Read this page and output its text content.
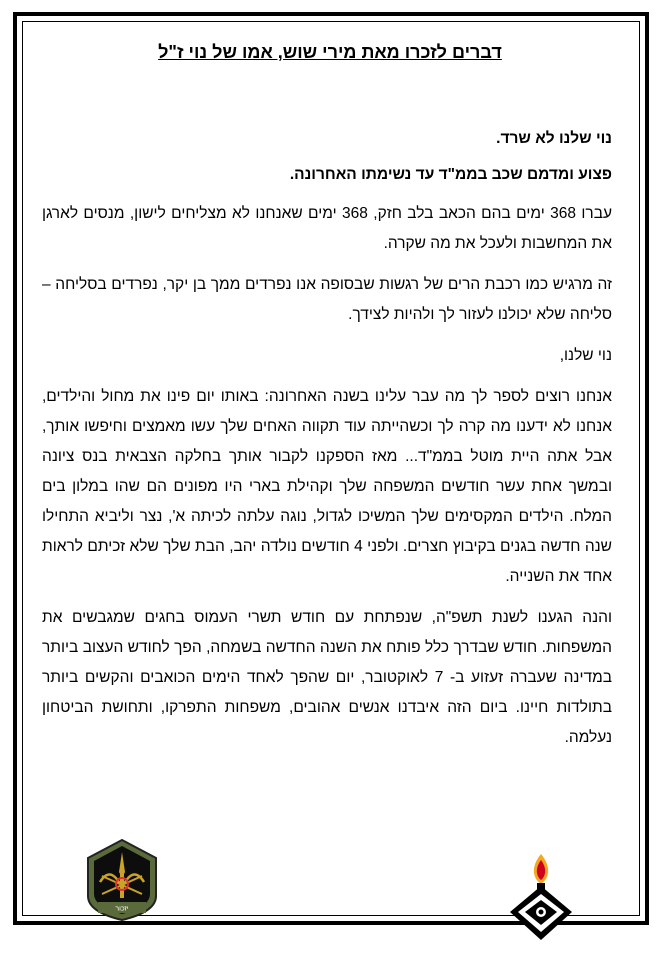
דברים לזכרו מאת מירי שוש, אמו של נוי ז"ל

נוי שלנו לא שרד.

פצוע ומדמם שכב בממ"ד עד נשימתו האחרונה.

עברו 368 ימים בהם הכאב בלב חזק, 368 ימים שאנחנו לא מצליחים לישון, מנסים לארגן את המחשבות ולעכל את מה שקרה.

זה מרגיש כמו רכבת הרים של רגשות שבסופה אנו נפרדים ממך בן יקר, נפרדים בסליחה – סליחה שלא יכולנו לעזור לך ולהיות לצידך.

נוי שלנו,

אנחנו רוצים לספר לך מה עבר עלינו בשנה האחרונה: באותו יום פינו את מחול והילדים, אנחנו לא ידענו מה קרה לך וכשהייתה עוד תקווה האחים שלך עשו מאמצים וחיפשו אותך, אבל אתה היית מוטל בממ"ד... מאז הספקנו לקבור אותך בחלקה הצבאית בנס ציונה ובמשך אחת עשר חודשים המשפחה שלך וקהילת בארי היו מפונים הם שהו במלון בים המלח. הילדים המקסימים שלך המשיכו לגדול, נוגה עלתה לכיתה א', נצר וליביא התחילו שנה חדשה בגנים בקיבוץ חצרים. ולפני 4 חודשים נולדה יהב, הבת שלך שלא זכיתם לראות אחד את השנייה.

והנה הגענו לשנת תשפ"ה, שנפתחת עם חודש תשרי העמוס בחגים שמגבשים את המשפחות. חודש שבדרך כלל פותח את השנה החדשה בשמחה, הפך לחודש העצוב ביותר במדינה שעברה זעזוע ב- 7 לאוקטובר, יום שהפך לאחד הימים הכואבים והקשים ביותר בתולדות חיינו. ביום הזה איבדנו אנשים אהובים, משפחות התפרקו, ותחושת הביטחון נעלמה.

יזכור
